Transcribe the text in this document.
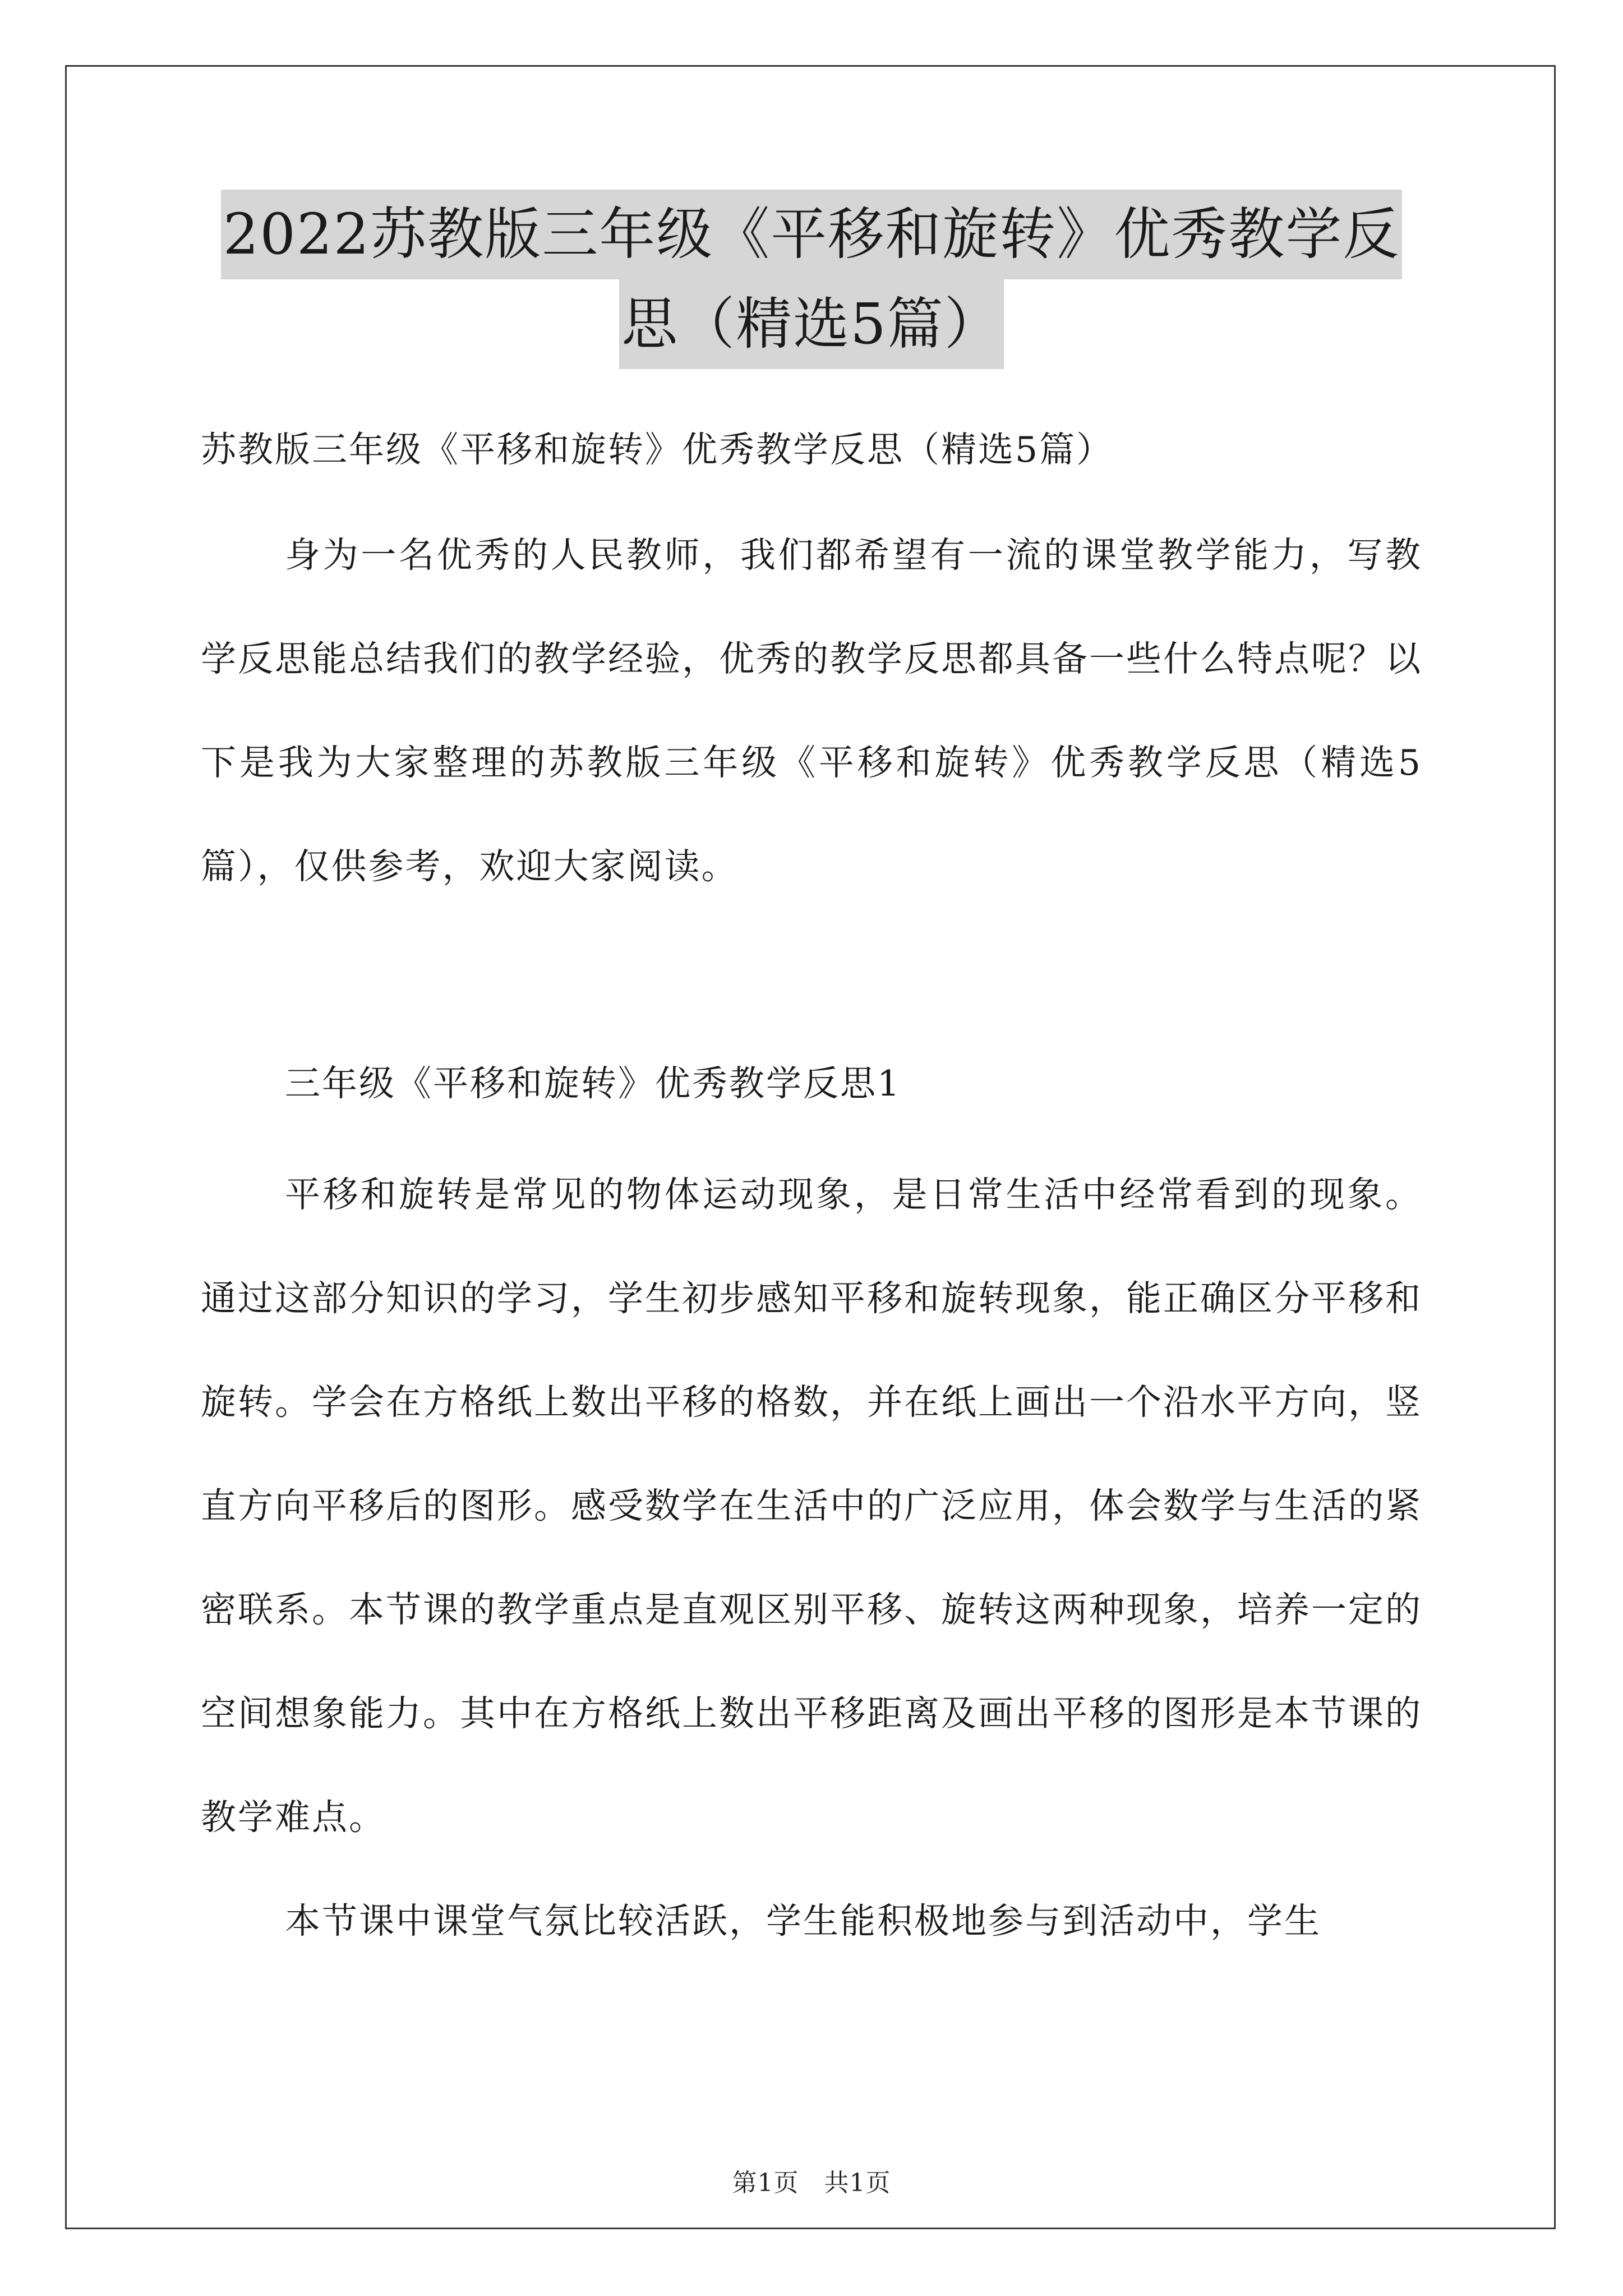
2022苏教版三年级《平移和旋转》优秀教学反
思（精选5篇）

苏教版三年级《平移和旋转》优秀教学反思（精选5篇）

身为一名优秀的人民教师，我们都希望有一流的课堂教学能力，写教学反思能总结我们的教学经验，优秀的教学反思都具备一些什么特点呢？以下是我为大家整理的苏教版三年级《平移和旋转》优秀教学反思（精选5篇），仅供参考，欢迎大家阅读。

三年级《平移和旋转》优秀教学反思1

平移和旋转是常见的物体运动现象，是日常生活中经常看到的现象。通过这部分知识的学习，学生初步感知平移和旋转现象，能正确区分平移和旋转。学会在方格纸上数出平移的格数，并在纸上画出一个沿水平方向，竖直方向平移后的图形。感受数学在生活中的广泛应用，体会数学与生活的紧密联系。本节课的教学重点是直观区别平移、旋转这两种现象，培养一定的空间想象能力。其中在方格纸上数出平移距离及画出平移的图形是本节课的教学难点。

本节课中课堂气氛比较活跃，学生能积极地参与到活动中，学生

第1页　共1页
